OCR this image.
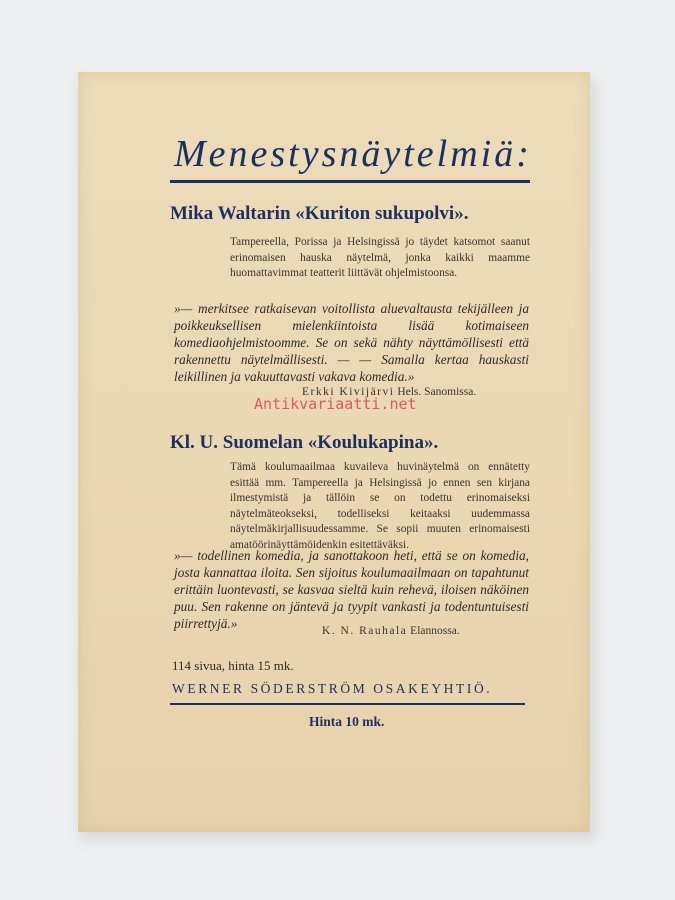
Menestysnäytelmiä:
Mika Waltarin «Kuriton sukupolvi».
Tampereella, Porissa ja Helsingissä jo täydet katsomot saanut erinomaisen hauska näytelmä, jonka kaikki maamme huomattavimmat teatterit liittävät ohjelmistoonsa.
»— merkitsee ratkaisevan voitollista aluevaltausta tekijälleen ja poikkeuksellisen mielenkiintoista lisää kotimaiseen komediaohjelmistoomme. Se on sekä nähty näyttämöllisesti että rakennettu näytelmällisesti. — — Samalla kertaa hauskasti leikillinen ja vakuuttavasti vakava komedia.»
Erkki Kivijärvi Hels. Sanomissa.
Antikvariaatti.net
Kl. U. Suomelan «Koulukapina».
Tämä koulumaailmaa kuvaileva huvinäytelmä on ennätetty esittää mm. Tampereella ja Helsingissä jo ennen sen kirjana ilmestymistä ja tällöin se on todettu erinomaiseksi näytelmäteokseksi, todelliseksi keitaaksi uudemmassa näytelmäkirjallisuudessamme. Se sopii muuten erinomaisesti amatöörinäyttämöidenkin esitettäväksi.
»— todellinen komedia, ja sanottakoon heti, että se on komedia, josta kannattaa iloita. Sen sijoitus koulumaailmaan on tapahtunut erittäin luontevasti, se kasvaa sieltä kuin rehevä, iloisen näköinen puu. Sen rakenne on jäntevä ja tyypit vankasti ja todentuntuisesti piirrettyjä.»	K. N. Rauhala Elannossa.
114 sivua, hinta 15 mk.
WERNER SÖDERSTRÖM OSAKEYHTIÖ.
Hinta 10 mk.
